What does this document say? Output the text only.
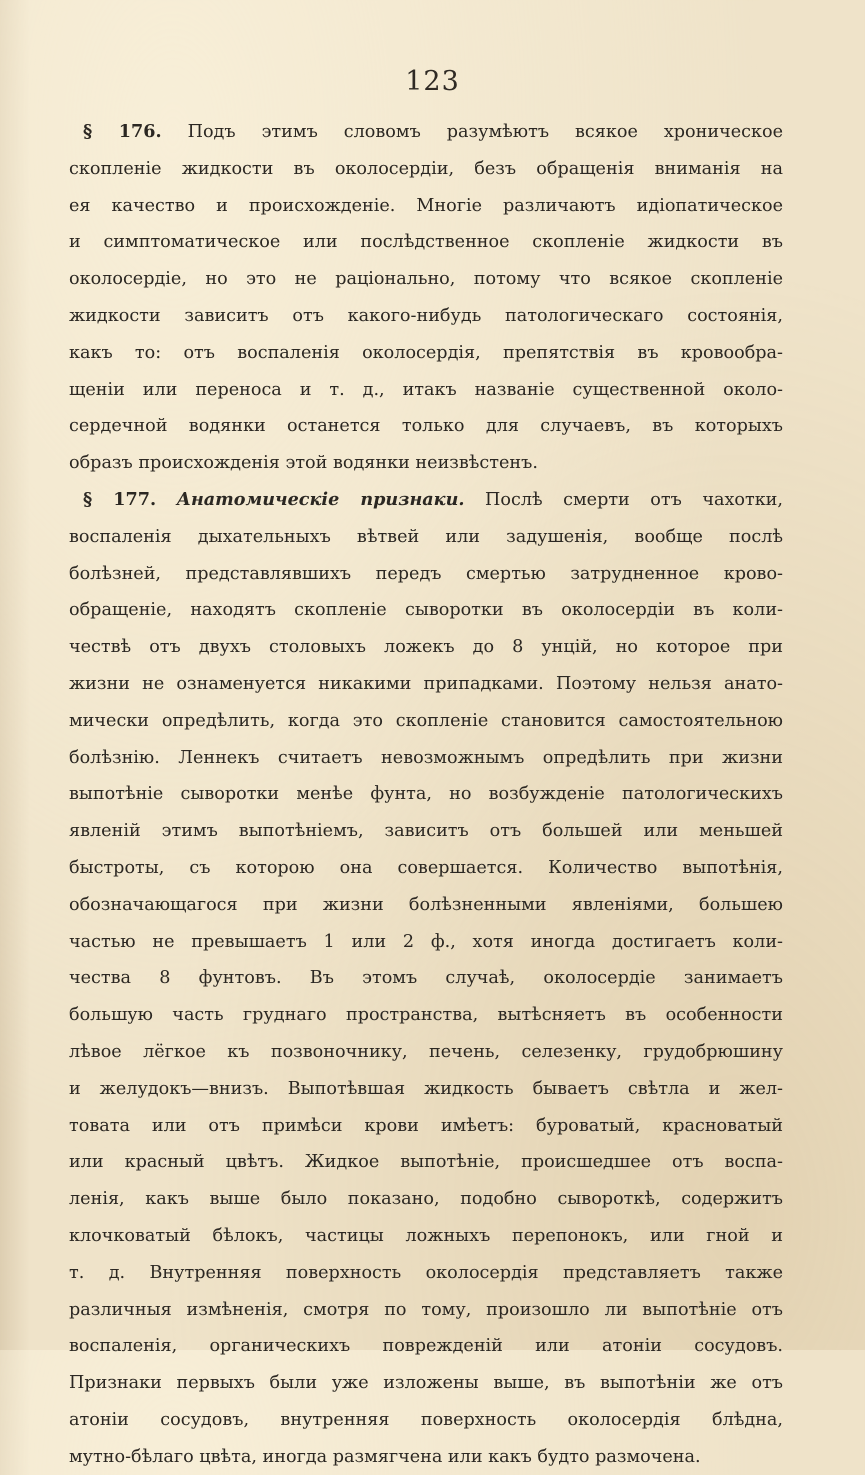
123
§ 176. Подъ этимъ словомъ разумѣютъ всякое хроническое
скопленіе жидкости въ околосердіи, безъ обращенія вниманія на
ея качество и происхожденіе. Многіе различаютъ идіопатическое
и симптоматическое или послѣдственное скопленіе жидкости въ
околосердіе, но это не раціонально, потому что всякое скопленіе
жидкости зависитъ отъ какого-нибудь патологическаго состоянія,
какъ то: отъ воспаленія околосердія, препятствія въ кровообра-
щеніи или переноса и т. д., итакъ названіе существенной около-
сердечной водянки останется только для случаевъ, въ которыхъ
образъ происхожденія этой водянки неизвѣстенъ.
§ 177. Анатомическіе признаки. Послѣ смерти отъ чахотки,
воспаленія дыхательныхъ вѣтвей или задушенія, вообще послѣ
болѣзней, представлявшихъ передъ смертью затрудненное крово-
обращеніе, находятъ скопленіе сыворотки въ околосердіи въ коли-
чествѣ отъ двухъ столовыхъ ложекъ до 8 унцій, но которое при
жизни не ознаменуется никакими припадками. Поэтому нельзя анато-
мически опредѣлить, когда это скопленіе становится самостоятельною
болѣзнію. Леннекъ считаетъ невозможнымъ опредѣлить при жизни
выпотѣніе сыворотки менѣе фунта, но возбужденіе патологическихъ
явленій этимъ выпотѣніемъ, зависитъ отъ большей или меньшей
быстроты, съ которою она совершается. Количество выпотѣнія,
обозначающагося при жизни болѣзненными явленіями, большею
частью не превышаетъ 1 или 2 ф., хотя иногда достигаетъ коли-
чества 8 фунтовъ. Въ этомъ случаѣ, околосердіе занимаетъ
большую часть груднаго пространства, вытѣсняетъ въ особенности
лѣвое лёгкое къ позвоночнику, печень, селезенку, грудобрюшину
и желудокъ—внизъ. Выпотѣвшая жидкость бываетъ свѣтла и жел-
товата или отъ примѣси крови имѣетъ: буроватый, красноватый
или красный цвѣтъ. Жидкое выпотѣніе, происшедшее отъ воспа-
ленія, какъ выше было показано, подобно сывороткѣ, содержитъ
клочковатый бѣлокъ, частицы ложныхъ перепонокъ, или гной и
т. д. Внутренняя поверхность околосердія представляетъ также
различныя измѣненія, смотря по тому, произошло ли выпотѣніе отъ
воспаленія, органическихъ поврежденій или атоніи сосудовъ.
Признаки первыхъ были уже изложены выше, въ выпотѣніи же отъ
атоніи сосудовъ, внутренняя поверхность околосердія блѣдна,
мутно-бѣлаго цвѣта, иногда размягчена или какъ будто размочена.
